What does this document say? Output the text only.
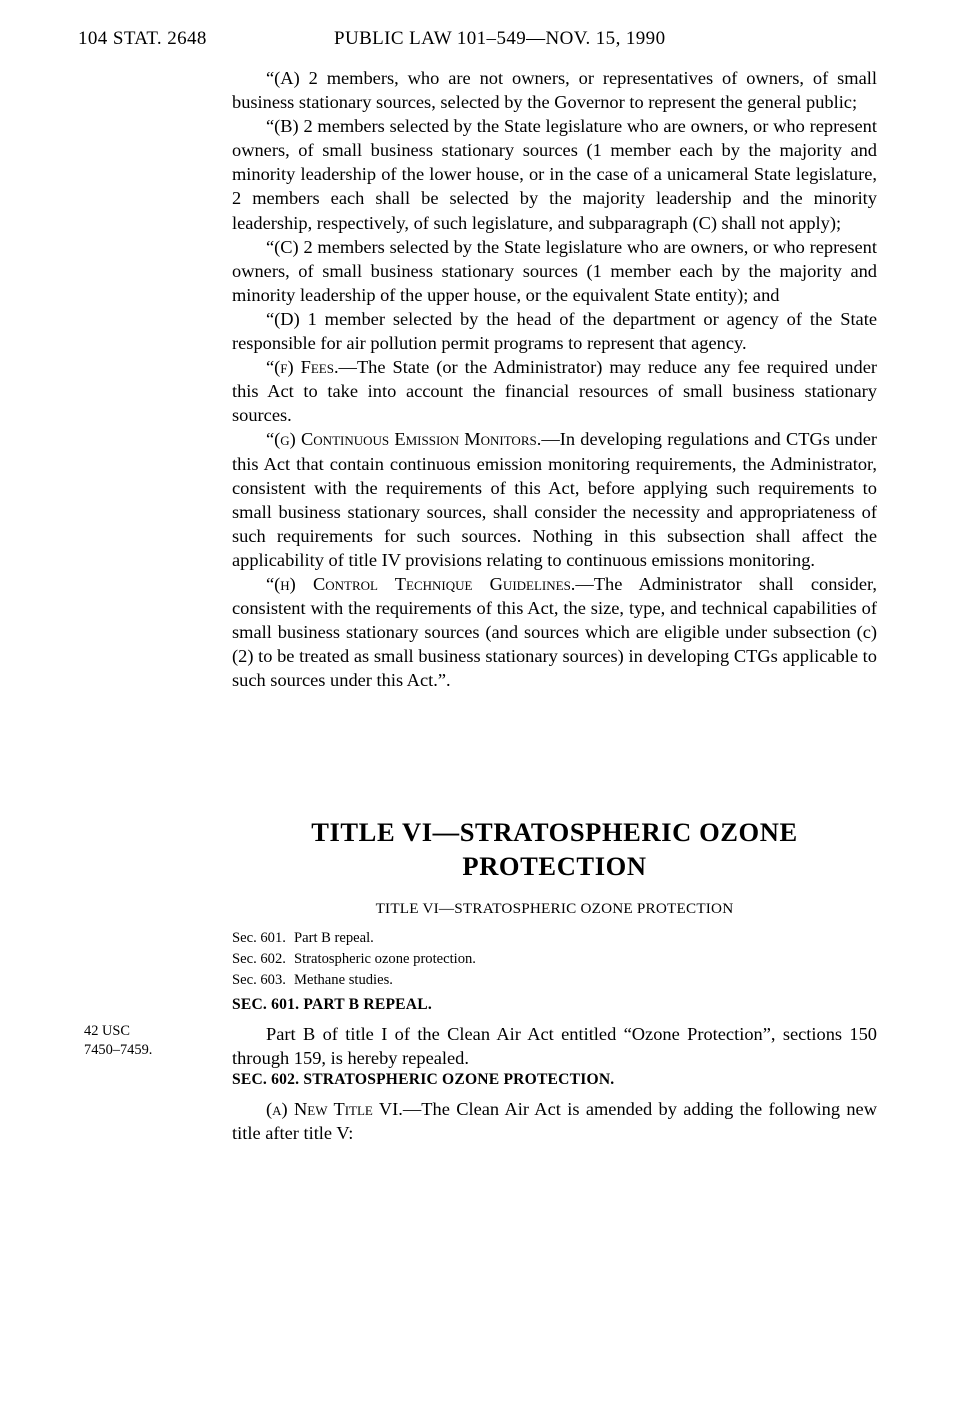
104 STAT. 2648	PUBLIC LAW 101–549—NOV. 15, 1990

“(A) 2 members, who are not owners, or representatives of owners, of small business stationary sources, selected by the Governor to represent the general public;

“(B) 2 members selected by the State legislature who are owners, or who represent owners, of small business stationary sources (1 member each by the majority and minority leadership of the lower house, or in the case of a unicameral State legislature, 2 members each shall be selected by the majority leadership and the minority leadership, respectively, of such legislature, and subparagraph (C) shall not apply);

“(C) 2 members selected by the State legislature who are owners, or who represent owners, of small business stationary sources (1 member each by the majority and minority leadership of the upper house, or the equivalent State entity); and

“(D) 1 member selected by the head of the department or agency of the State responsible for air pollution permit programs to represent that agency.

“(f) Fees.—The State (or the Administrator) may reduce any fee required under this Act to take into account the financial resources of small business stationary sources.

“(g) Continuous Emission Monitors.—In developing regulations and CTGs under this Act that contain continuous emission monitoring requirements, the Administrator, consistent with the requirements of this Act, before applying such requirements to small business stationary sources, shall consider the necessity and appropriateness of such requirements for such sources. Nothing in this subsection shall affect the applicability of title IV provisions relating to continuous emissions monitoring.

“(h) Control Technique Guidelines.—The Administrator shall consider, consistent with the requirements of this Act, the size, type, and technical capabilities of small business stationary sources (and sources which are eligible under subsection (c)(2) to be treated as small business stationary sources) in developing CTGs applicable to such sources under this Act.”.

TITLE VI—STRATOSPHERIC OZONE
PROTECTION
TITLE VI—STRATOSPHERIC OZONE PROTECTION
Sec. 601. Part B repeal.
Sec. 602. Stratospheric ozone protection.
Sec. 603. Methane studies.
SEC. 601. PART B REPEAL.

Part B of title I of the Clean Air Act entitled “Ozone Protection”, sections 150 through 159, is hereby repealed.

SEC. 602. STRATOSPHERIC OZONE PROTECTION.

(a) New Title VI.—The Clean Air Act is amended by adding the following new title after title V:

42 USC
7450–7459.
